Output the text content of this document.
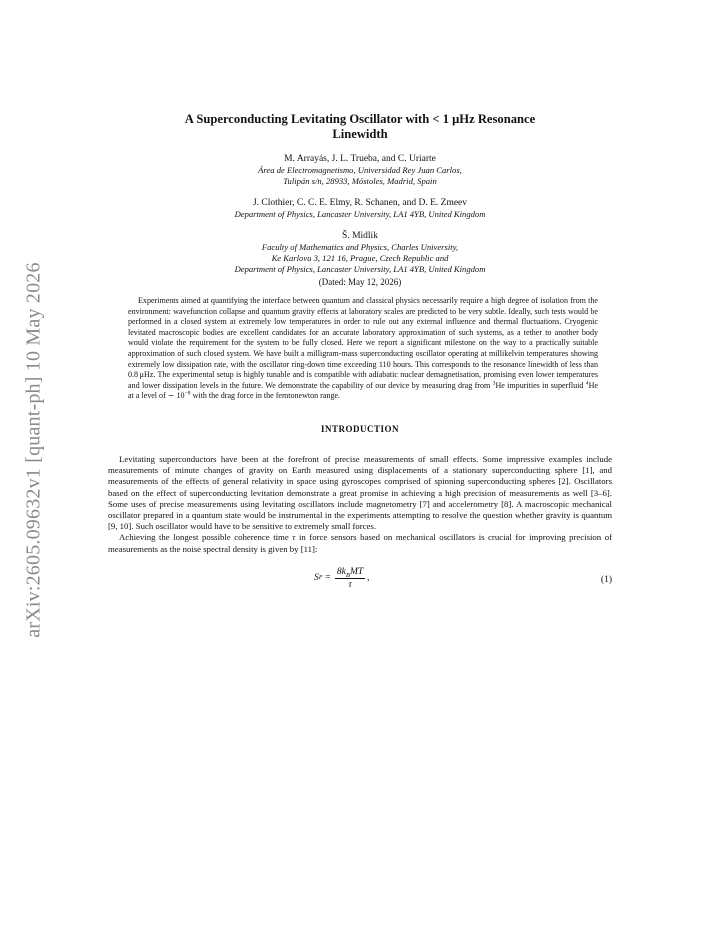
arXiv:2605.09632v1 [quant-ph] 10 May 2026
A Superconducting Levitating Oscillator with < 1 μHz Resonance
Linewidth
M. Arrayás, J. L. Trueba, and C. Uriarte
Área de Electromagnetismo, Universidad Rey Juan Carlos,
Tulipán s/n, 28933, Móstoles, Madrid, Spain
J. Clothier, C. C. E. Elmy, R. Schanen, and D. E. Zmeev
Department of Physics, Lancaster University, LA1 4YB, United Kingdom
Š. Midlik
Faculty of Mathematics and Physics, Charles University,
Ke Karlovu 3, 121 16, Prague, Czech Republic and
Department of Physics, Lancaster University, LA1 4YB, United Kingdom
(Dated: May 12, 2026)

Experiments aimed at quantifying the interface between quantum and classical physics necessarily require a high degree of isolation from the environment: wavefunction collapse and quantum gravity effects at laboratory scales are predicted to be very subtle. Ideally, such tests would be performed in a closed system at extremely low temperatures in order to rule out any external influence and thermal fluctuations. Cryogenic levitated macroscopic bodies are excellent candidates for an accurate laboratory approximation of such systems, as a tether to another body would violate the requirement for the system to be fully closed. Here we report a significant milestone on the way to a practically suitable approximation of such closed system. We have built a milligram-mass superconducting oscillator operating at millikelvin temperatures showing extremely low dissipation rate, with the oscillator ring-down time exceeding 110 hours. This corresponds to the resonance linewidth of less than 0.8 μHz. The experimental setup is highly tunable and is compatible with adiabatic nuclear demagnetisation, promising even lower temperatures and lower dissipation levels in the future. We demonstrate the capability of our device by measuring drag from $^3$He impurities in superfluid $^4$He at a level of ∼ $10^{-8}$ with the drag force in the femtonewton range.

INTRODUCTION

Levitating superconductors have been at the forefront of precise measurements of small effects. Some impressive examples include measurements of minute changes of gravity on Earth measured using displacements of a stationary superconducting sphere [1], and measurements of the effects of general relativity in space using gyroscopes comprised of spinning superconducting spheres [2]. Oscillators based on the effect of superconducting levitation demonstrate a great promise in achieving a high precision of measurements as well [3–6]. Some uses of precise measurements using levitating oscillators include magnetometry [7] and accelerometry [8]. A macroscopic mechanical oscillator prepared in a quantum state would be instrumental in the experiments attempting to resolve the question whether gravity is quantum [9, 10]. Such oscillator would have to be sensitive to extremely small forces.

Achieving the longest possible coherence time τ in force sensors based on mechanical oscillators is crucial for improving precision of measurements as the noise spectral density is given by [11]:

S $F = \frac{8k_BMT}{\tau}$ ,	(1)
